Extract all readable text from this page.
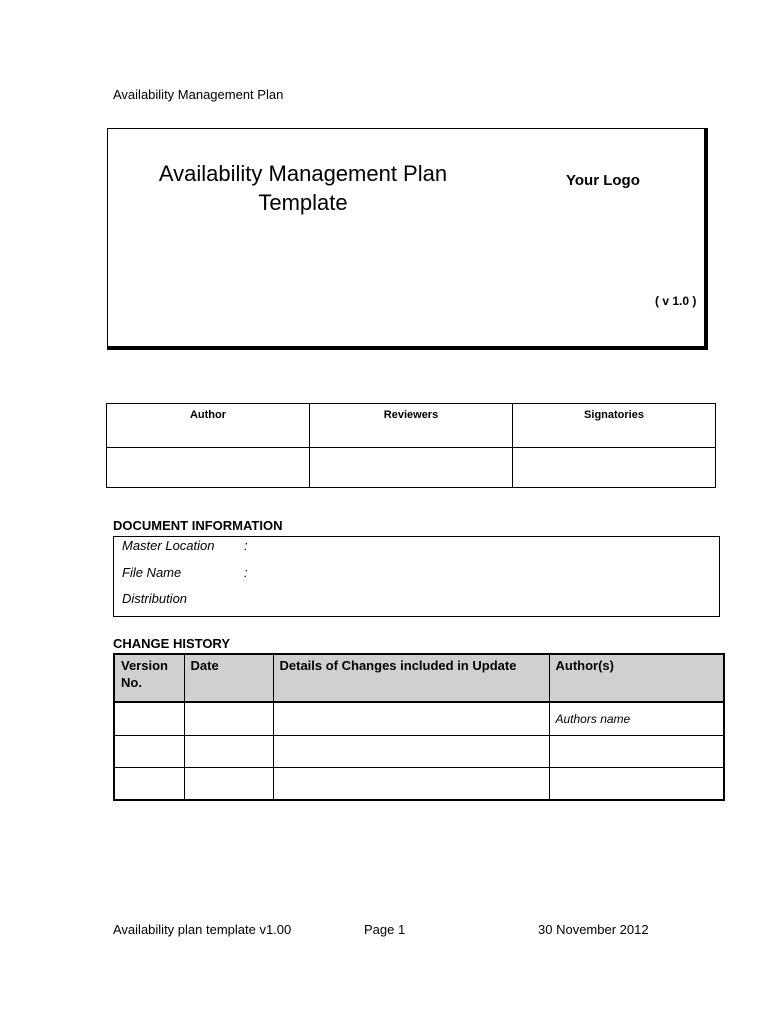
Availability Management Plan
Availability Management Plan
Template
Your Logo
( v 1.0 )
Author	Reviewers	Signatories

DOCUMENT INFORMATION
Master Location :
File Name	:
Distribution
CHANGE HISTORY
Version No.	Date	Details of Changes included in Update	Author(s)
			Authors name

Availability plan template v1.00	Page 1	30 November 2012
